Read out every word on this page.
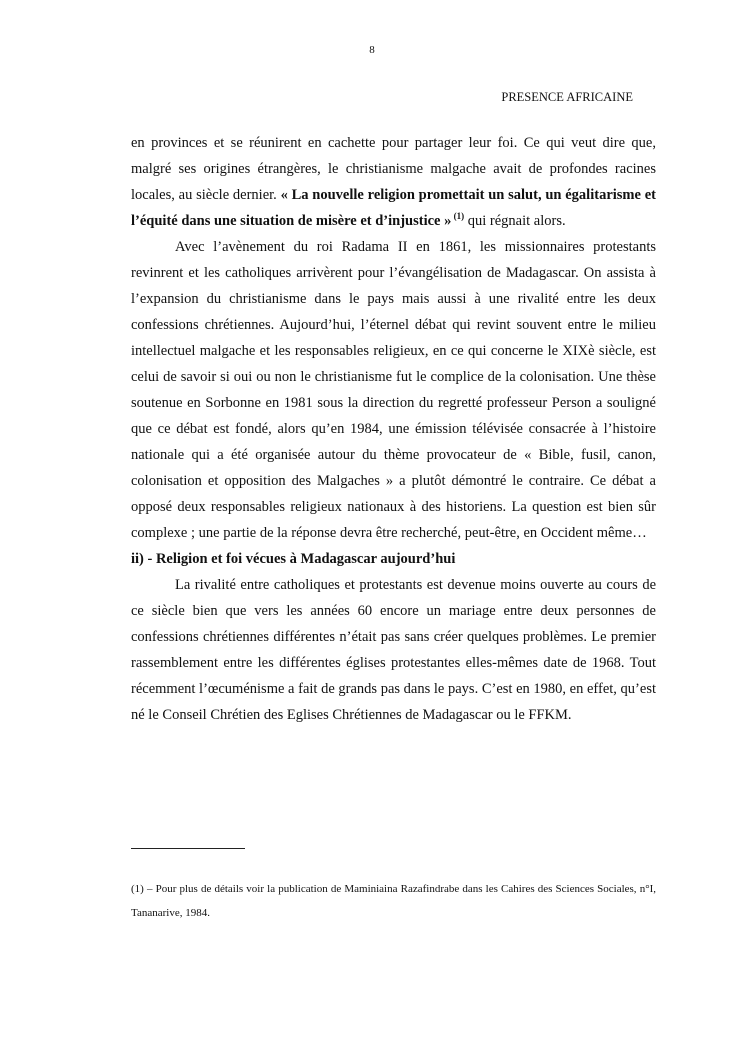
8
PRESENCE AFRICAINE

en provinces et se réunirent en cachette pour partager leur foi. Ce qui veut dire que, malgré ses origines étrangères, le christianisme malgache avait de profondes racines locales, au siècle dernier. « La nouvelle religion promettait un salut, un égalitarisme et l’équité dans une situation de misère et d’injustice » $^{(1)}$ qui régnait alors.

Avec l’avènement du roi Radama II en 1861, les missionnaires protestants revinrent et les catholiques arrivèrent pour l’évangélisation de Madagascar. On assista à l’expansion du christianisme dans le pays mais aussi à une rivalité entre les deux confessions chrétiennes. Aujourd’hui, l’éternel débat qui revint souvent entre le milieu intellectuel malgache et les responsables religieux, en ce qui concerne le XIXè siècle, est celui de savoir si oui ou non le christianisme fut le complice de la colonisation. Une thèse soutenue en Sorbonne en 1981 sous la direction du regretté professeur Person a souligné que ce débat est fondé, alors qu’en 1984, une émission télévisée consacrée à l’histoire nationale qui a été organisée autour du thème provocateur de « Bible, fusil, canon, colonisation et opposition des Malgaches » a plutôt démontré le contraire. Ce débat a opposé deux responsables religieux nationaux à des historiens. La question est bien sûr complexe ; une partie de la réponse devra être recherché, peut-être, en Occident même…

ii) - Religion et foi vécues à Madagascar aujourd’hui

La rivalité entre catholiques et protestants est devenue moins ouverte au cours de ce siècle bien que vers les années 60 encore un mariage entre deux personnes de confessions chrétiennes différentes n’était pas sans créer quelques problèmes. Le premier rassemblement entre les différentes églises protestantes elles-mêmes date de 1968. Tout récemment l’œcuménisme a fait de grands pas dans le pays. C’est en 1980, en effet, qu’est né le Conseil Chrétien des Eglises Chrétiennes de Madagascar ou le FFKM.

(1) – Pour plus de détails voir la publication de Maminiaina Razafindrabe dans les Cahires des Sciences Sociales, n°I, Tananarive, 1984.
